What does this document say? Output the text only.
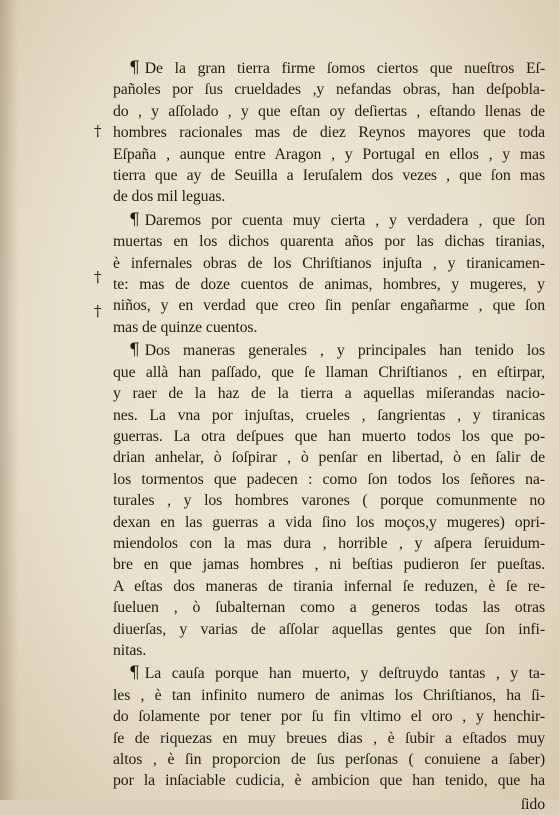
†
†
†
¶ De la gran tierra firme ſomos ciertos que nueſtros Eſ-
pañoles por ſus crueldades ,y nefandas obras, han deſpobla-
do , y aſſolado , y que eſtan oy deſiertas , eſtando llenas de
hombres racionales mas de diez Reynos mayores que toda
Eſpaña , aunque entre Aragon , y Portugal en ellos , y mas
tierra que ay de Seuilla a Ieruſalem dos vezes , que ſon mas
de dos mil leguas.
¶ Daremos por cuenta muy cierta , y verdadera , que ſon
muertas en los dichos quarenta años por las dichas tiranias,
è infernales obras de los Chriſtianos injuſta , y tiranicamen-
te: mas de doze cuentos de animas, hombres, y mugeres, y
niños, y en verdad que creo ſin penſar engañarme , que ſon
mas de quinze cuentos.
¶ Dos maneras generales , y principales han tenido los
que allà han paſſado, que ſe llaman Chriſtianos , en eſtirpar,
y raer de la haz de la tierra a aquellas miſerandas nacio-
nes. La vna por injuſtas, crueles , ſangrientas , y tiranicas
guerras. La otra deſpues que han muerto todos los que po-
drian anhelar, ò ſoſpirar , ò penſar en libertad, ò en ſalir de
los tormentos que padecen : como ſon todos los ſeñores na-
turales , y los hombres varones ( porque comunmente no
dexan en las guerras a vida ſino los moços,y mugeres) opri-
miendolos con la mas dura , horrible , y aſpera ſeruidum-
bre en que jamas hombres , ni beſtias pudieron ſer pueſtas.
A eſtas dos maneras de tirania infernal ſe reduzen, è ſe re-
ſueluen , ò ſubalternan como a generos todas las otras
diuerſas, y varias de aſſolar aquellas gentes que ſon infi-
nitas.
¶ La cauſa porque han muerto, y deſtruydo tantas , y ta-
les , è tan infinito numero de animas los Chriſtianos, ha ſi-
do ſolamente por tener por ſu fin vltimo el oro , y henchir-
ſe de riquezas en muy breues dias , è ſubir a eſtados muy
altos , è ſin proporcion de ſus perſonas ( conuiene a ſaber)
por la inſaciable cudicia, è ambicion que han tenido, que ha
ſido
